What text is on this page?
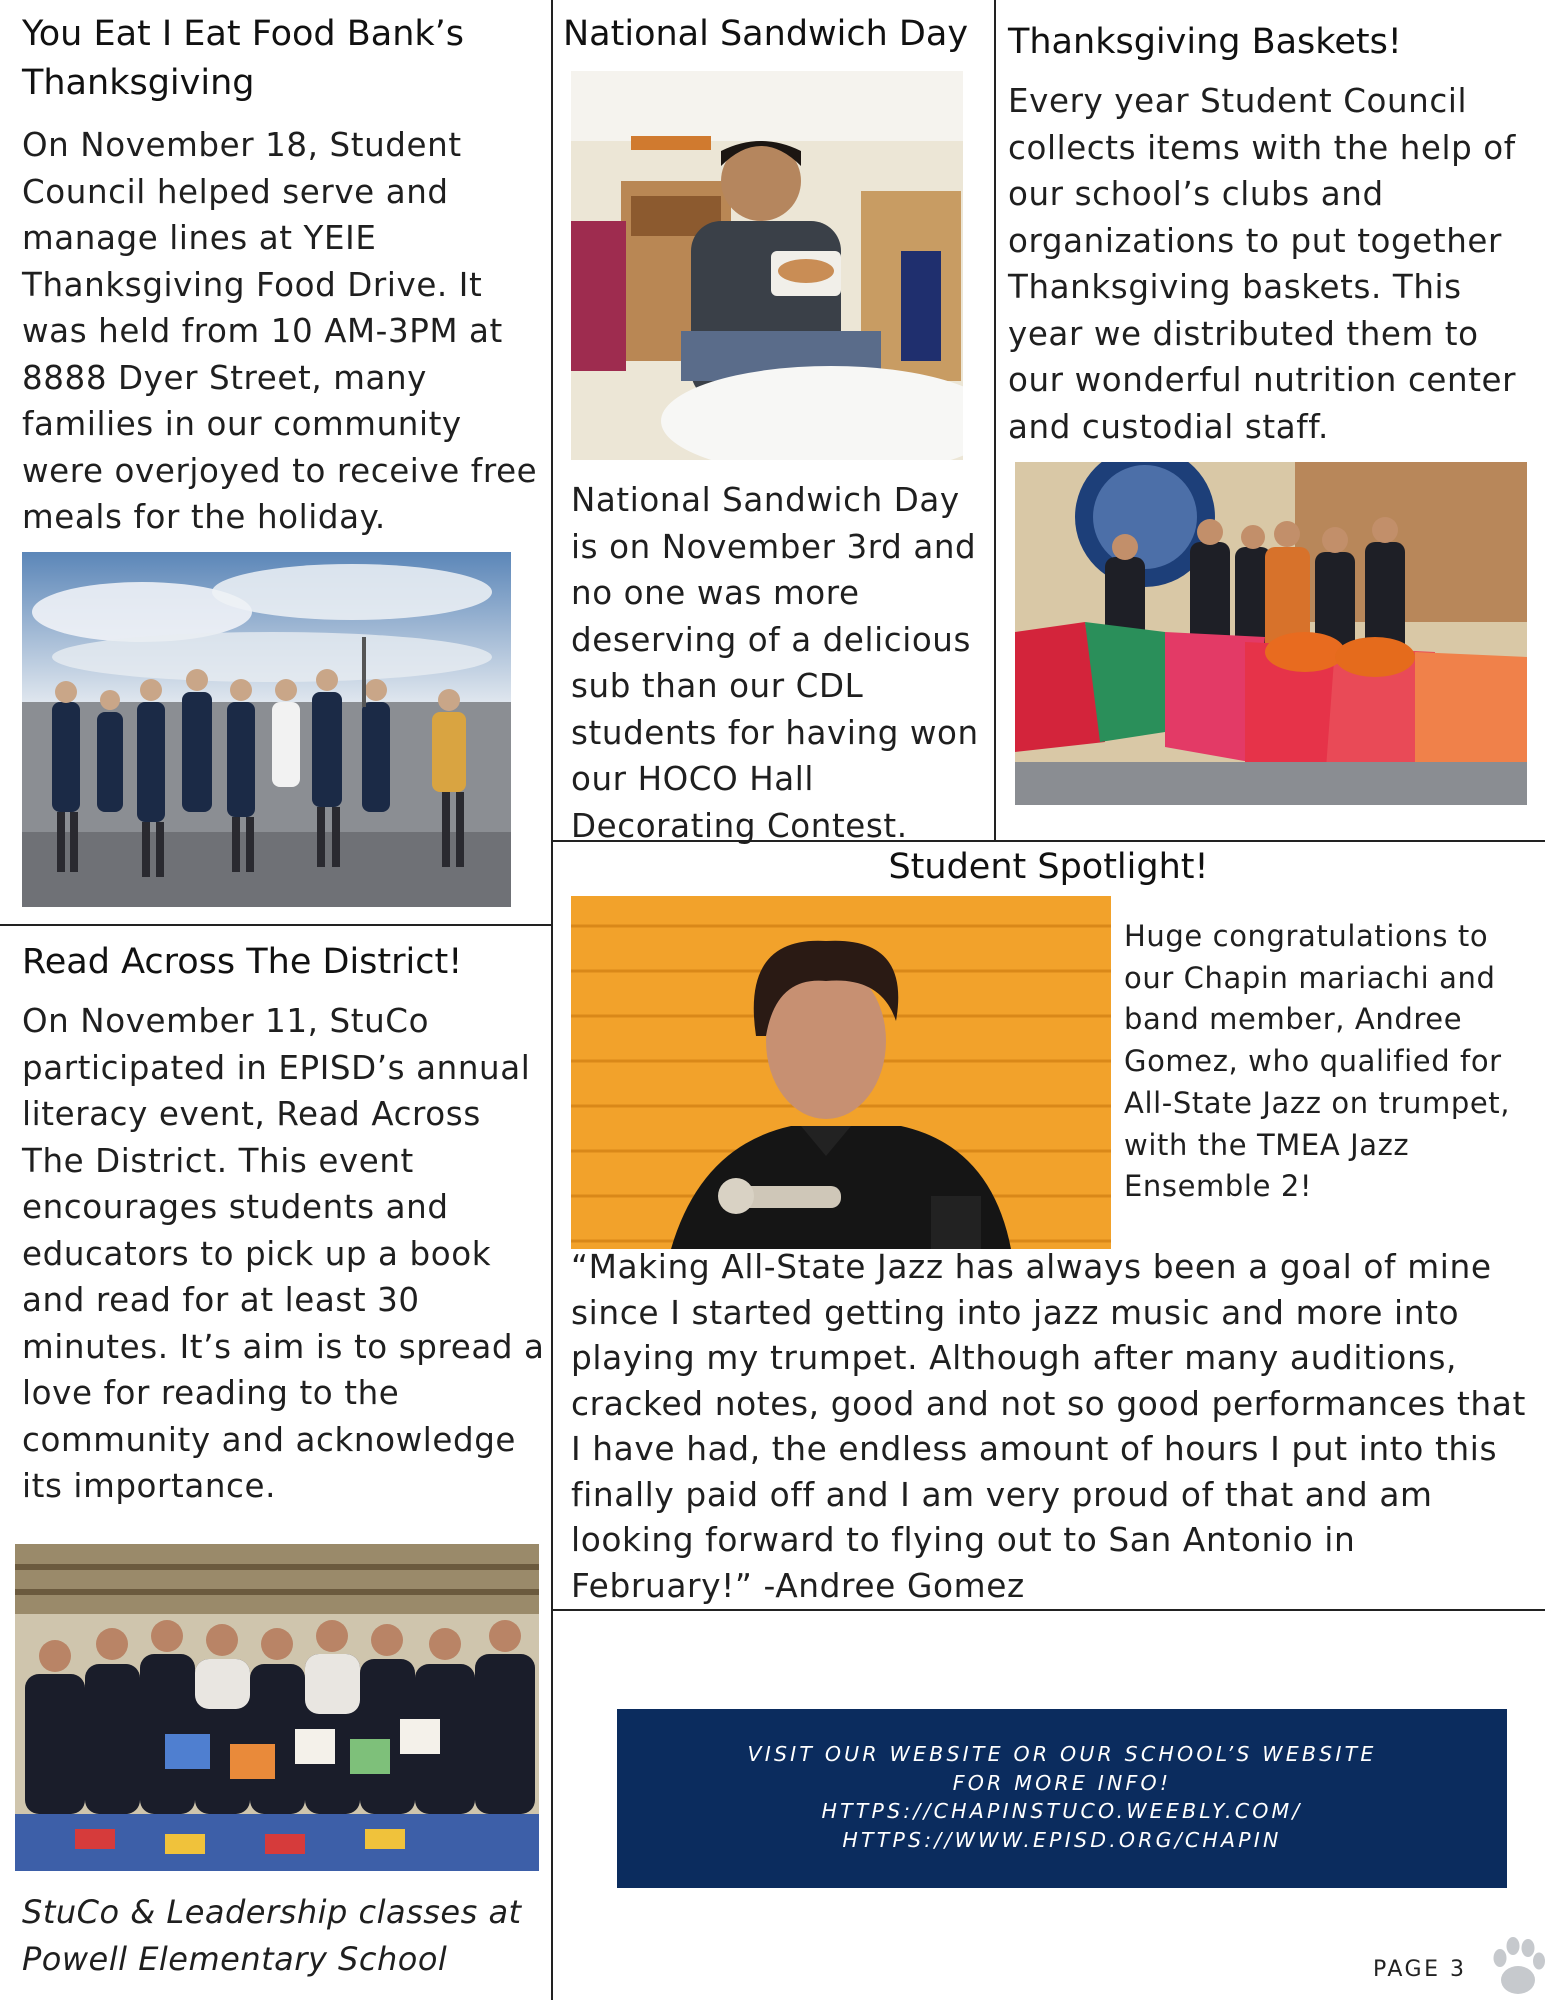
You Eat I Eat Food Bank’s Thanksgiving

On November 18, Student Council helped serve and manage lines at YEIE Thanksgiving Food Drive. It was held from 10 AM-3PM at 8888 Dyer Street, many families in our community were overjoyed to receive free meals for the holiday.

National Sandwich Day

National Sandwich Day is on November 3rd and no one was more deserving of a delicious sub than our CDL students for having won our HOCO Hall Decorating Contest.

Thanksgiving Baskets!

Every year Student Council collects items with the help of our school’s clubs and organizations to put together Thanksgiving baskets. This year we distributed them to our wonderful nutrition center and custodial staff.

Student Spotlight!

Huge congratulations to our Chapin mariachi and band member, Andree Gomez, who qualified for All-State Jazz on trumpet, with the TMEA Jazz Ensemble 2!

“Making All-State Jazz has always been a goal of mine since I started getting into jazz music and more into playing my trumpet. Although after many auditions, cracked notes, good and not so good performances that I have had, the endless amount of hours I put into this finally paid off and I am very proud of that and am looking forward to flying out to San Antonio in February!” -Andree Gomez

Read Across The District!

On November 11, StuCo participated in EPISD’s annual literacy event, Read Across The District. This event encourages students and educators to pick up a book and read for at least 30 minutes. It’s aim is to spread a love for reading to the community and acknowledge its importance.

StuCo & Leadership classes at Powell Elementary School

VISIT OUR WEBSITE OR OUR SCHOOL’S WEBSITE
FOR MORE INFO!
HTTPS://CHAPINSTUCO.WEEBLY.COM/
HTTPS://WWW.EPISD.ORG/CHAPIN
PAGE 3
